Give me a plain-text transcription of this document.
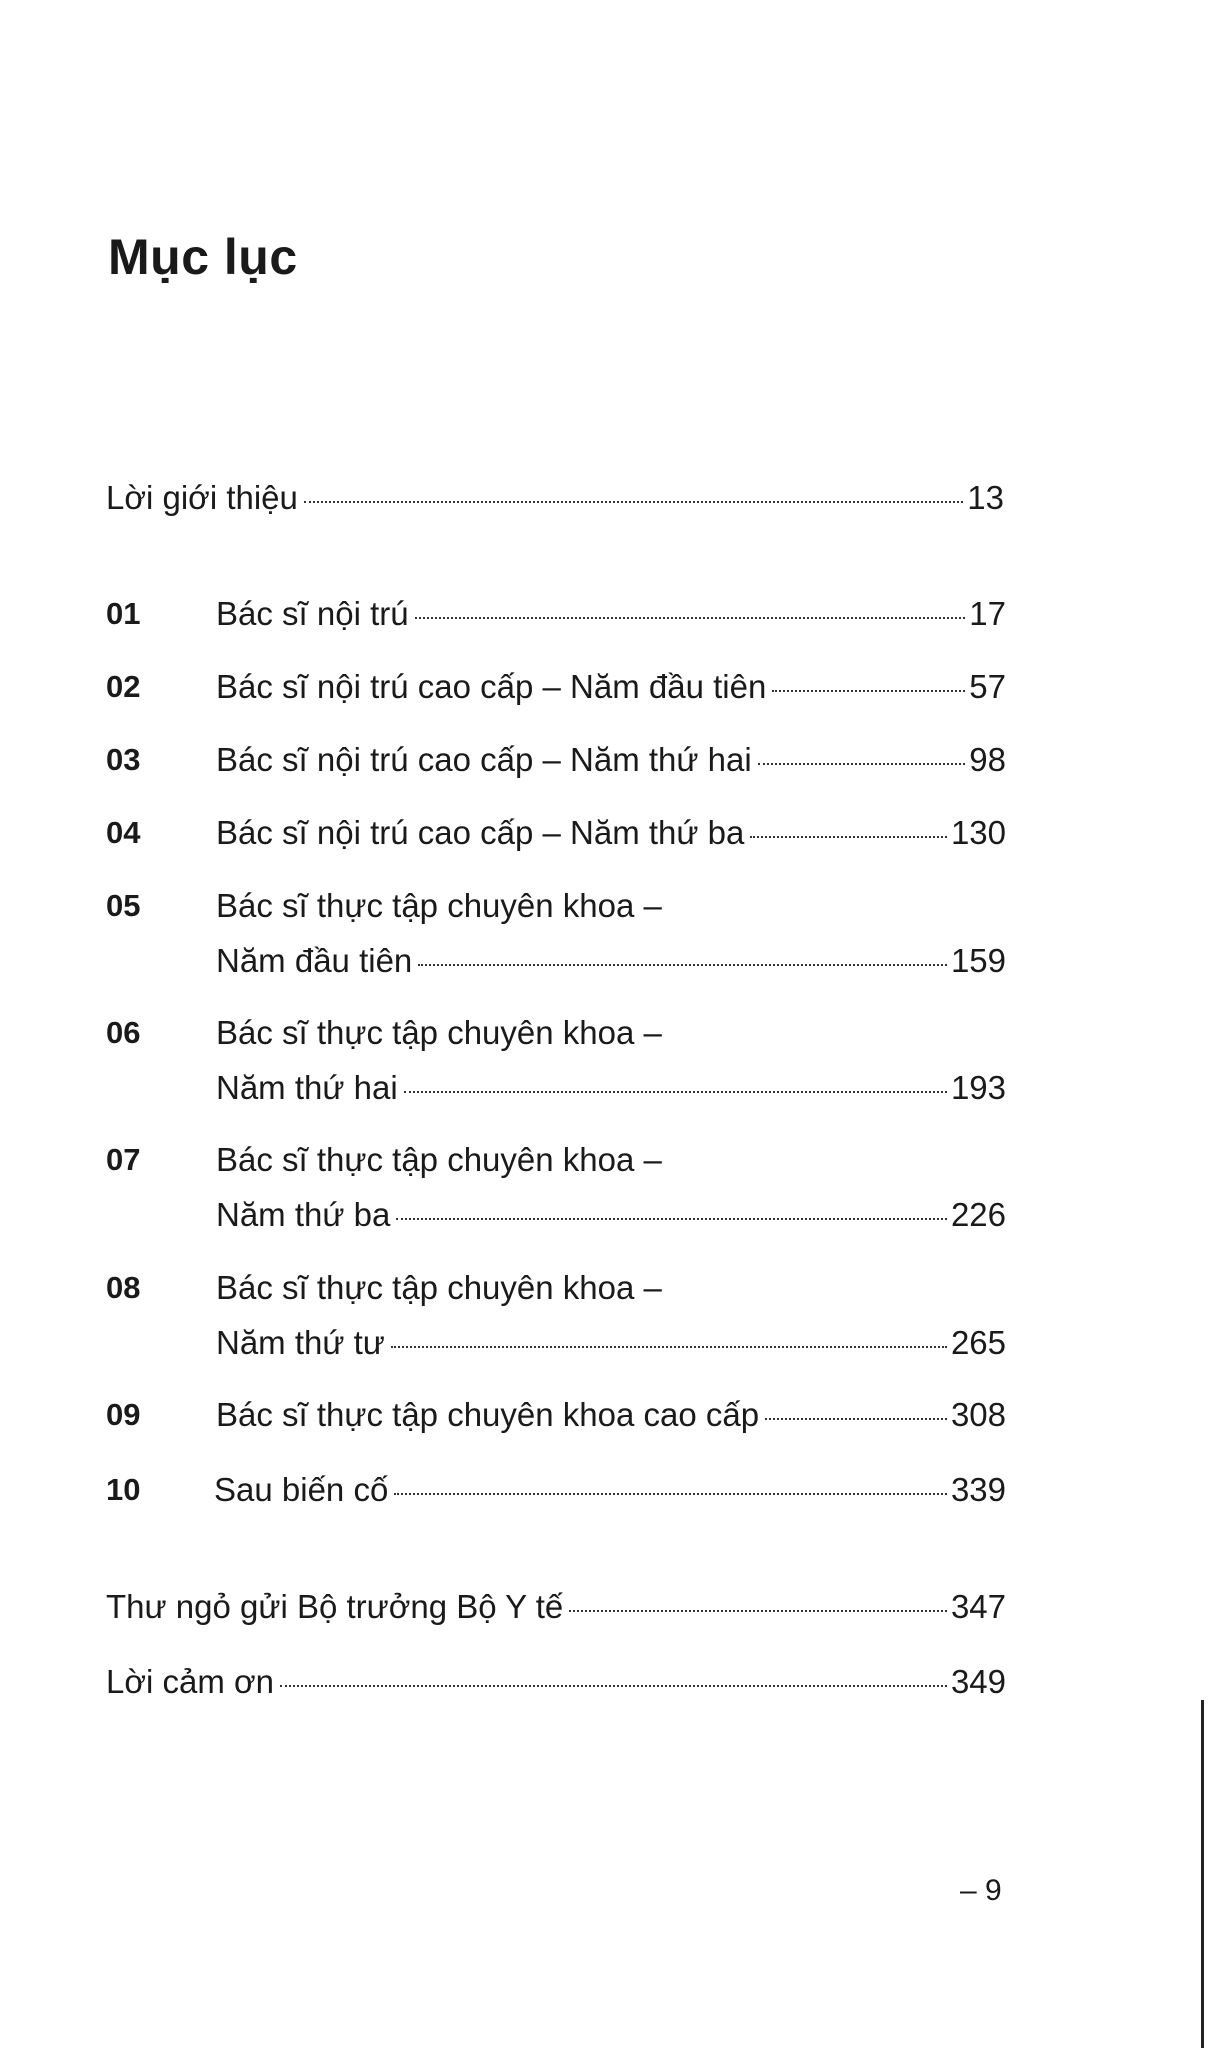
Mục lục
Lời giới thiệu	13
01 Bác sĩ nội trú	17
02 Bác sĩ nội trú cao cấp – Năm đầu tiên	57
03 Bác sĩ nội trú cao cấp – Năm thứ hai	98
04 Bác sĩ nội trú cao cấp – Năm thứ ba	130
05 Bác sĩ thực tập chuyên khoa –
Năm đầu tiên	159
06 Bác sĩ thực tập chuyên khoa –
Năm thứ hai	193
07 Bác sĩ thực tập chuyên khoa –
Năm thứ ba	226
08 Bác sĩ thực tập chuyên khoa –
Năm thứ tư	265
09 Bác sĩ thực tập chuyên khoa cao cấp	308
10 Sau biến cố	339
Thư ngỏ gửi Bộ trưởng Bộ Y tế	347
Lời cảm ơn	349
– 9
